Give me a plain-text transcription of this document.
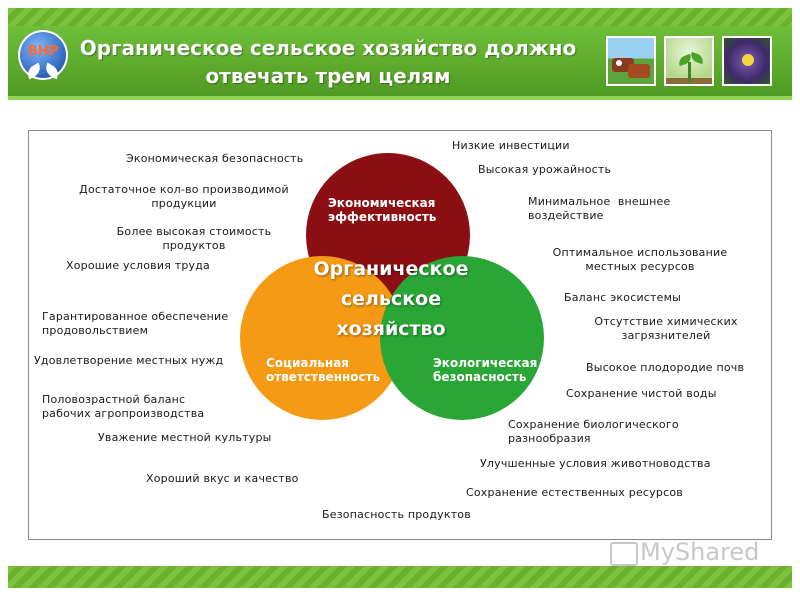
ВНР	Органическое сельское хозяйство должно
отвечать трем целям
Экономическая
эффективность
Социальная
ответственность
Экологическая
безопасность
Органическое
сельское
хозяйство
Экономическая безопасность
Достаточное кол-во производимой
продукции
Более высокая стоимость
продуктов
Хорошие условия труда
Гарантированное обеспечение
продовольствием
Удовлетворение местных нужд
Половозрастной баланс
рабочих агропроизводства
Уважение местной культуры
Хороший вкус и качество
Низкие инвестиции
Высокая урожайность
Минимальное  внешнее
воздействие
Оптимальное использование
местных ресурсов
Баланс экосистемы
Отсутствие химических
загрязнителей
Высокое плодородие почв
Сохранение чистой воды
Сохранение биологического
разнообразия
Улучшенные условия животноводства
Сохранение естественных ресурсов
Безопасность продуктов
MyShared
